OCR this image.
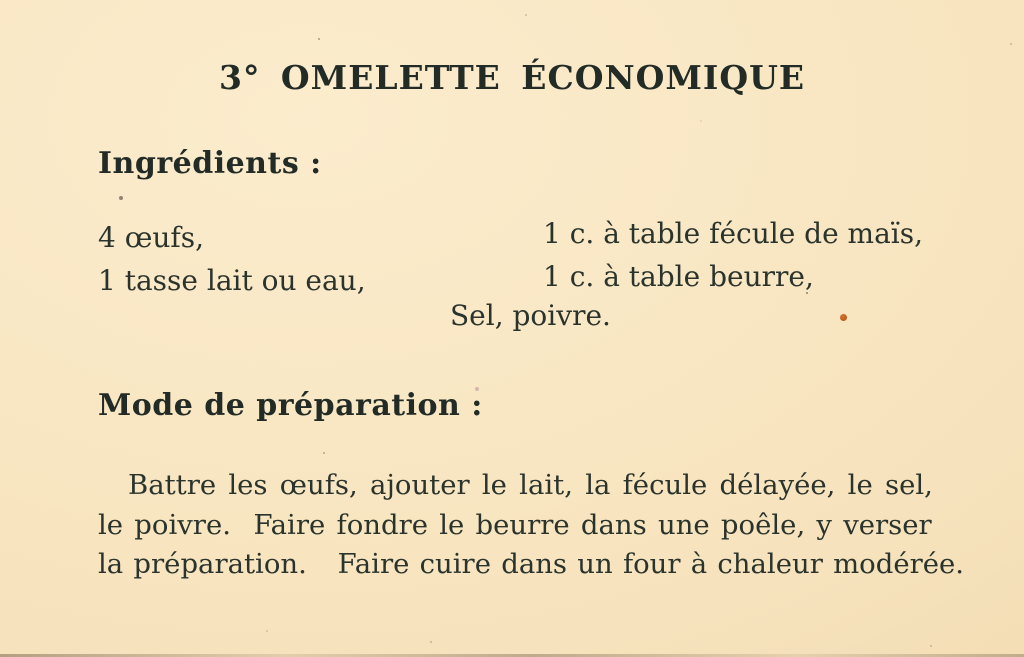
3° OMELETTE ÉCONOMIQUE
Ingrédients :
4 œufs,
1 tasse lait ou eau,
1 c. à table fécule de maïs,
1 c. à table beurre,
Sel, poivre.
Mode de préparation :
Battre les œufs, ajouter le lait, la fécule délayée, le sel,
le poivre.  Faire fondre le beurre dans une poêle, y verser
la préparation.   Faire cuire dans un four à chaleur modérée.
